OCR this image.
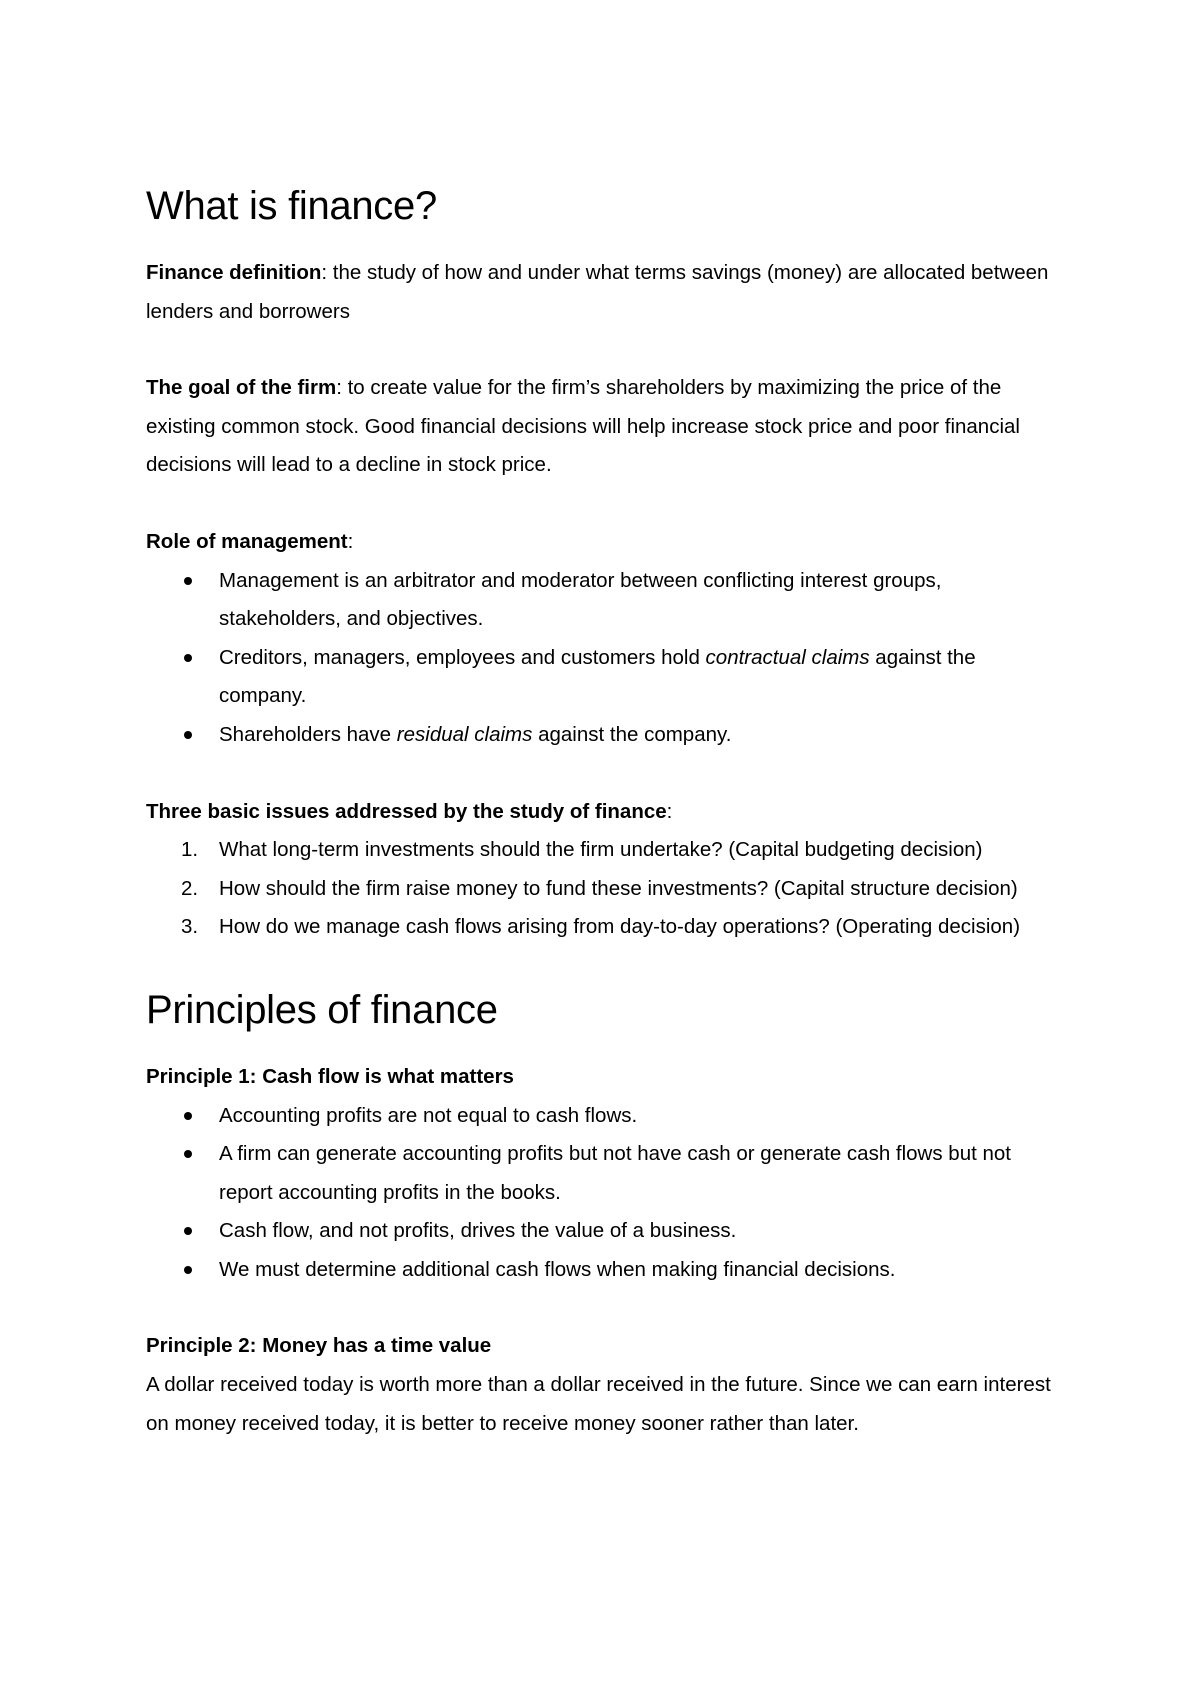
What is finance?

Finance definition: the study of how and under what terms savings (money) are allocated between lenders and borrowers

The goal of the firm: to create value for the firm’s shareholders by maximizing the price of the existing common stock. Good financial decisions will help increase stock price and poor financial decisions will lead to a decline in stock price.

Role of management:

Management is an arbitrator and moderator between conflicting interest groups, stakeholders, and objectives.
Creditors, managers, employees and customers hold contractual claims against the company.
Shareholders have residual claims against the company.

Three basic issues addressed by the study of finance:

1.	What long-term investments should the firm undertake? (Capital budgeting decision)
2.	How should the firm raise money to fund these investments? (Capital structure decision)
3.	How do we manage cash flows arising from day-to-day operations? (Operating decision)
Principles of finance

Principle 1: Cash flow is what matters

Accounting profits are not equal to cash flows.
A firm can generate accounting profits but not have cash or generate cash flows but not report accounting profits in the books.
Cash flow, and not profits, drives the value of a business.
We must determine additional cash flows when making financial decisions.

Principle 2: Money has a time value

A dollar received today is worth more than a dollar received in the future. Since we can earn interest on money received today, it is better to receive money sooner rather than later.
